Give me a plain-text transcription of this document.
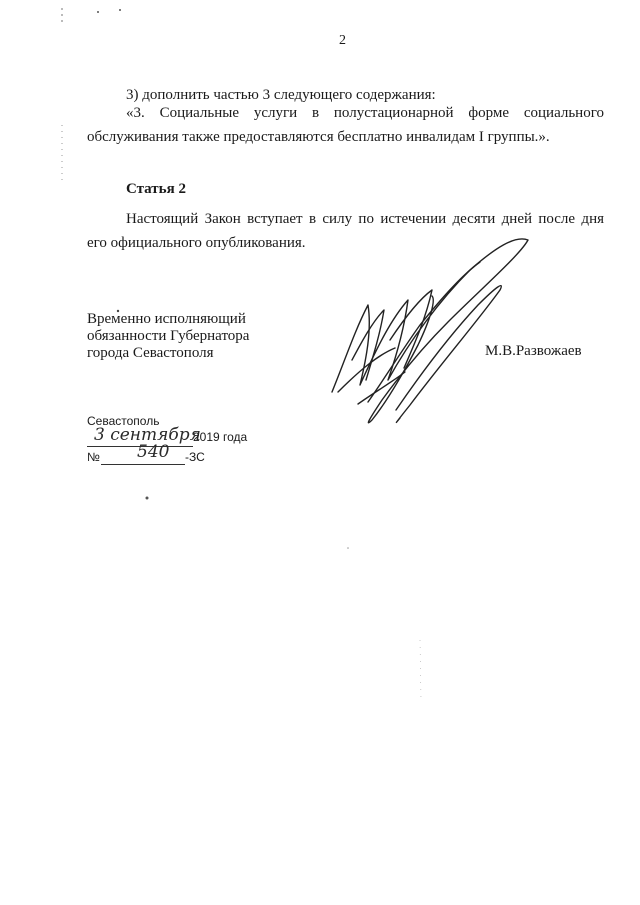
2
3) дополнить частью 3 следующего содержания:
«3. Социальные услуги в полустационарной форме социального
обслуживания также предоставляются бесплатно инвалидам I группы.».
Статья 2
Настоящий Закон вступает в силу по истечении десяти дней после дня
его официального опубликования.
Временно исполняющий
обязанности Губернатора
города Севастополя	М.В.Развожаев
Севастополь
3 сентября
2019 года
№ 540 -ЗС
